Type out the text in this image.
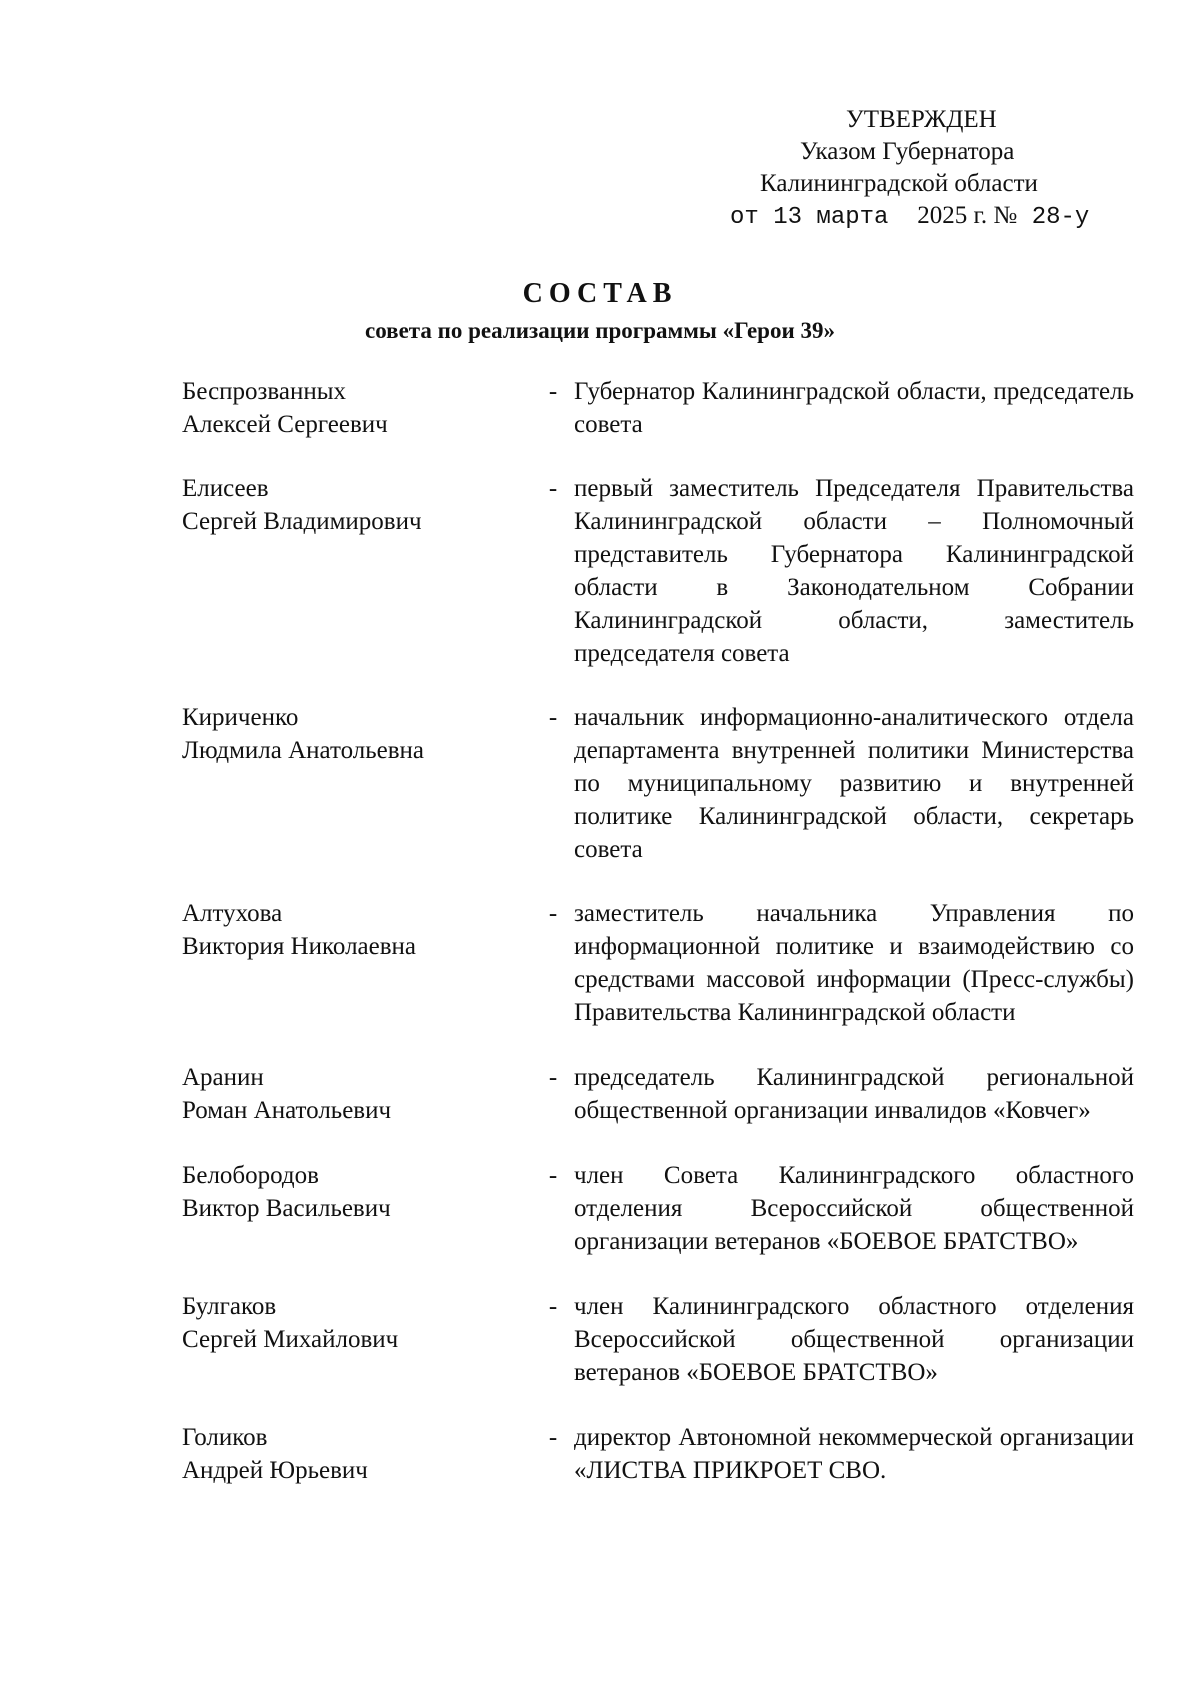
УТВЕРЖДЕН
Указом Губернатора
Калининградской области
от 13 марта 2025 г. № 28-у
СОСТАВ
совета по реализации программы «Герои 39»
Беспрозванных
Алексей Сергеевич
- Губернатор Калининградской области, председатель совета
Елисеев
Сергей Владимирович
- первый заместитель Председателя Правительства Калининградской области – Полномочный представитель Губернатора Калининградской области в Законодательном Собрании Калининградской области, заместитель председателя совета
Кириченко
Людмила Анатольевна
- начальник информационно-аналитического отдела департамента внутренней политики Министерства по муниципальному развитию и внутренней политике Калининградской области, секретарь совета
Алтухова
Виктория Николаевна
- заместитель начальника Управления по информационной политике и взаимодействию со средствами массовой информации (Пресс-службы) Правительства Калининградской области
Аранин
Роман Анатольевич
- председатель Калининградской региональной общественной организации инвалидов «Ковчег»
Белобородов
Виктор Васильевич
- член Совета Калининградского областного отделения Всероссийской общественной организации ветеранов «БОЕВОЕ БРАТСТВО»
Булгаков
Сергей Михайлович
- член Калининградского областного отделения Всероссийской общественной организации ветеранов «БОЕВОЕ БРАТСТВО»
Голиков
Андрей Юрьевич
- директор Автономной некоммерческой организации «ЛИСТВА ПРИКРОЕТ СВО.
